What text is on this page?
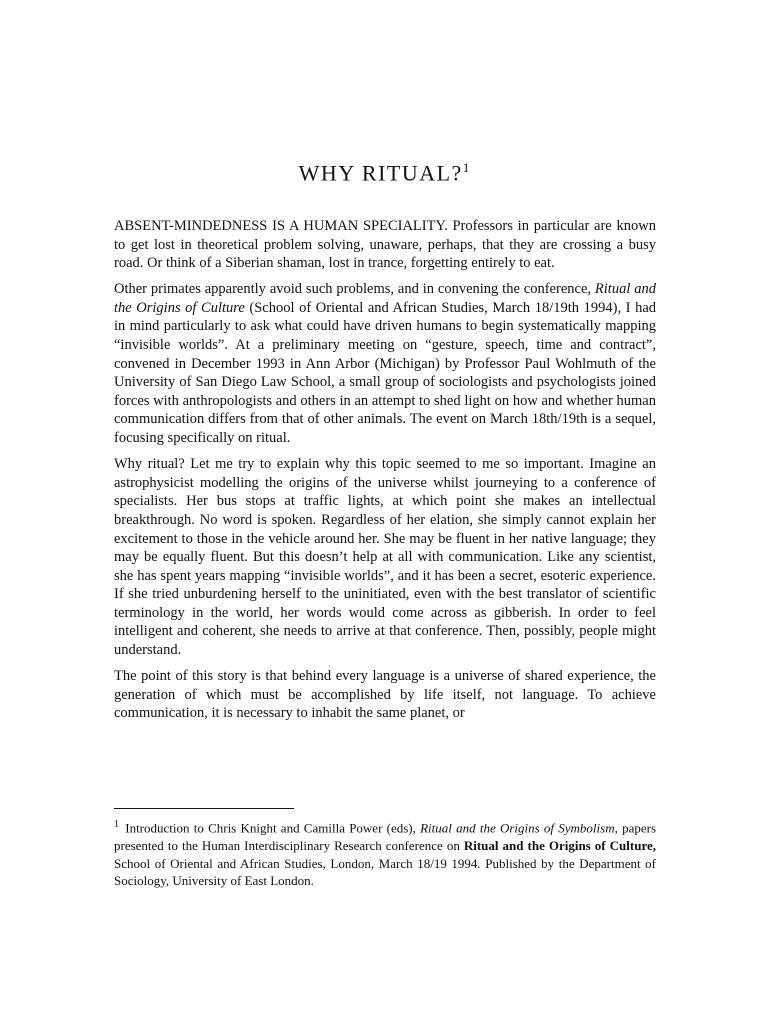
WHY RITUAL?$^1$

ABSENT-MINDEDNESS IS A HUMAN SPECIALITY. Professors in particular are known to get lost in theoretical problem solving, unaware, perhaps, that they are crossing a busy road. Or think of a Siberian shaman, lost in trance, forgetting entirely to eat.

Other primates apparently avoid such problems, and in convening the conference, Ritual and the Origins of Culture (School of Oriental and African Studies, March 18/19th 1994), I had in mind particularly to ask what could have driven humans to begin systematically mapping “invisible worlds”. At a preliminary meeting on “gesture, speech, time and contract”, convened in December 1993 in Ann Arbor (Michigan) by Professor Paul Wohlmuth of the University of San Diego Law School, a small group of sociologists and psychologists joined forces with anthropologists and others in an attempt to shed light on how and whether human communication differs from that of other animals. The event on March 18th/19th is a sequel, focusing specifically on ritual.

Why ritual? Let me try to explain why this topic seemed to me so important. Imagine an astrophysicist modelling the origins of the universe whilst journeying to a conference of specialists. Her bus stops at traffic lights, at which point she makes an intellectual breakthrough. No word is spoken. Regardless of her elation, she simply cannot explain her excitement to those in the vehicle around her. She may be fluent in her native language; they may be equally fluent. But this doesn’t help at all with communication. Like any scientist, she has spent years mapping “invisible worlds”, and it has been a secret, esoteric experience. If she tried unburdening herself to the uninitiated, even with the best translator of scientific terminology in the world, her words would come across as gibberish. In order to feel intelligent and coherent, she needs to arrive at that conference. Then, possibly, people might understand.

The point of this story is that behind every language is a universe of shared experience, the generation of which must be accomplished by life itself, not language. To achieve communication, it is necessary to inhabit the same planet, or

$^1$ Introduction to Chris Knight and Camilla Power (eds), Ritual and the Origins of Symbolism, papers presented to the Human Interdisciplinary Research conference on Ritual and the Origins of Culture, School of Oriental and African Studies, London, March 18/19 1994. Published by the Department of Sociology, University of East London.
